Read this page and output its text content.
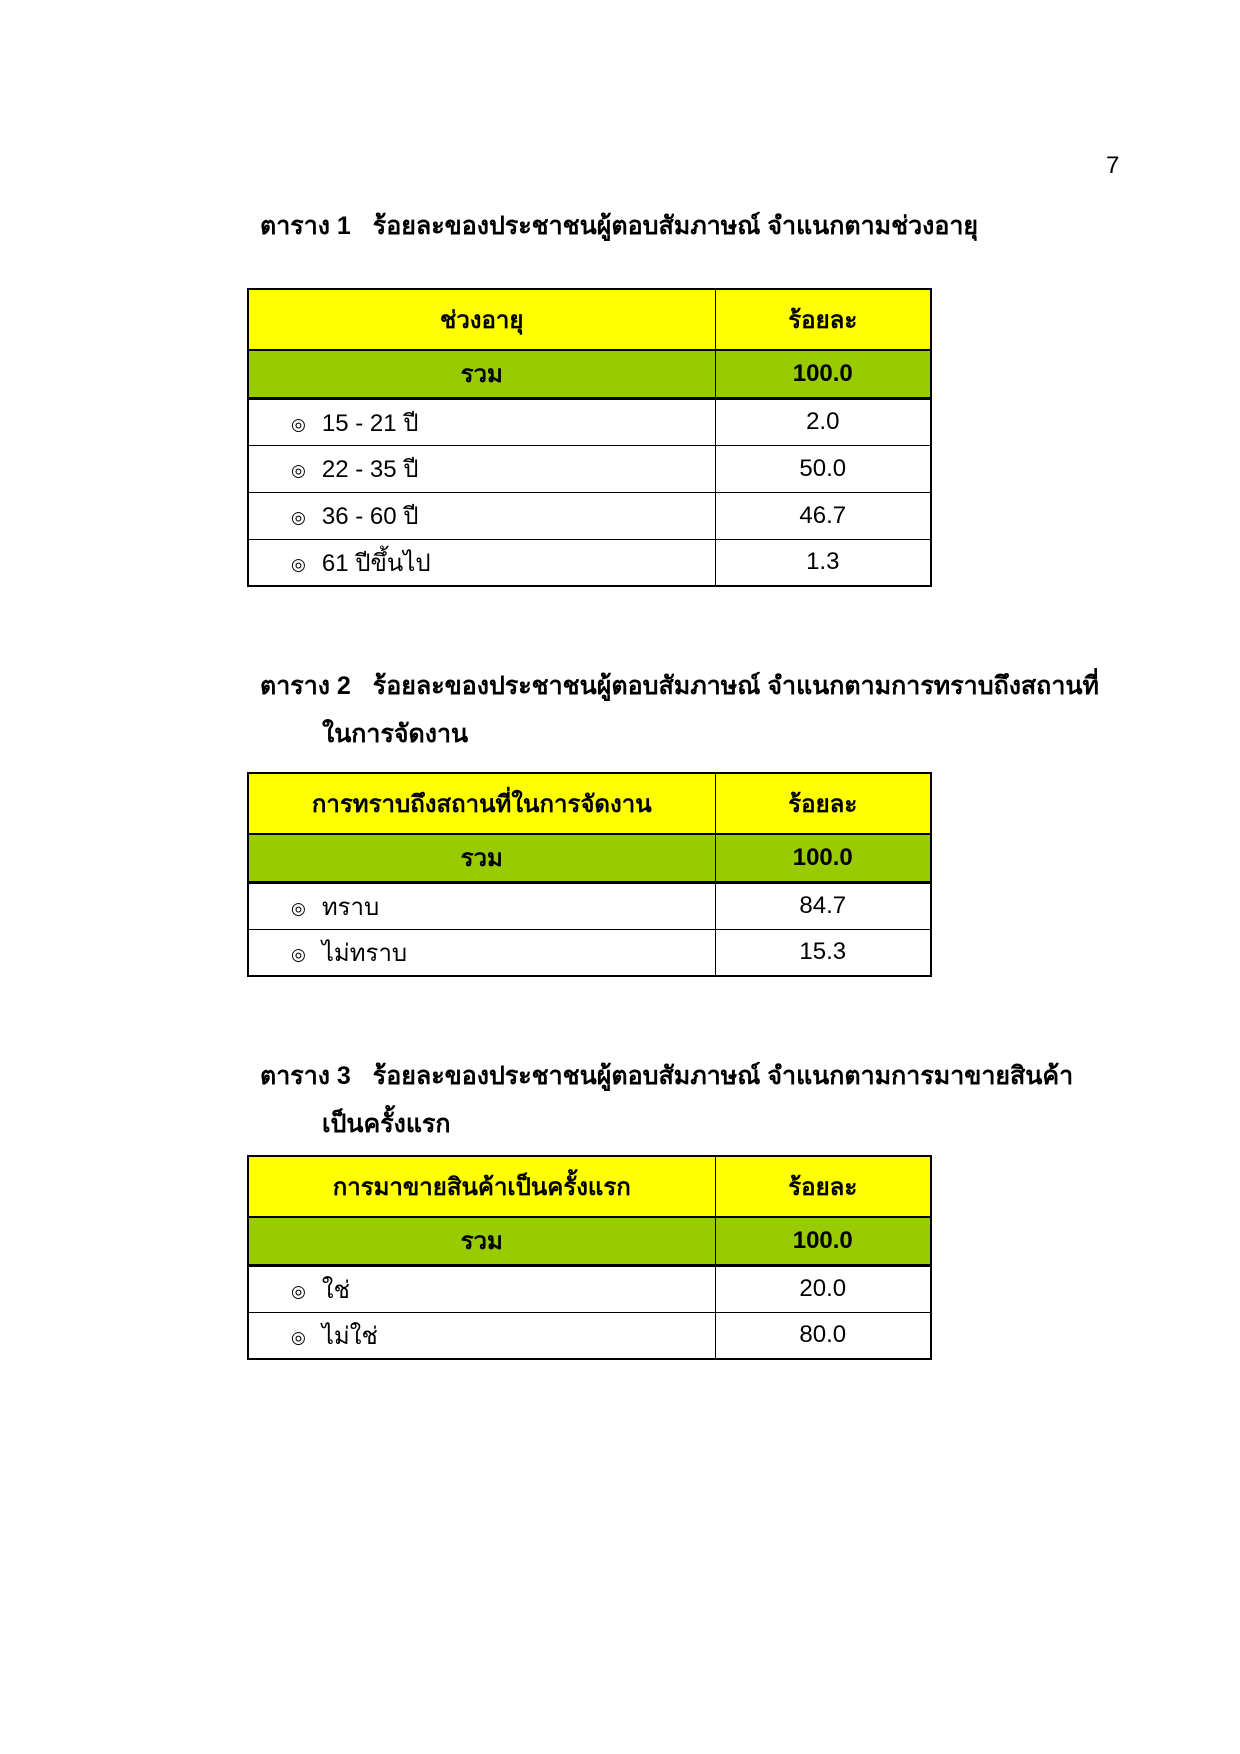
7
ตาราง 1 ร้อยละของประชาชนผู้ตอบสัมภาษณ์ จำแนกตามช่วงอายุ
ช่วงอายุ	ร้อยละ
รวม	100.0
◎ 15 - 21 ปี	2.0
◎ 22 - 35 ปี	50.0
◎ 36 - 60 ปี	46.7
◎ 61 ปีขึ้นไป	1.3
ตาราง 2 ร้อยละของประชาชนผู้ตอบสัมภาษณ์ จำแนกตามการทราบถึงสถานที่
ในการจัดงาน
การทราบถึงสถานที่ในการจัดงาน	ร้อยละ
รวม	100.0
◎ ทราบ	84.7
◎ ไม่ทราบ	15.3
ตาราง 3 ร้อยละของประชาชนผู้ตอบสัมภาษณ์ จำแนกตามการมาขายสินค้า
เป็นครั้งแรก
การมาขายสินค้าเป็นครั้งแรก	ร้อยละ
รวม	100.0
◎ ใช่	20.0
◎ ไม่ใช่	80.0
